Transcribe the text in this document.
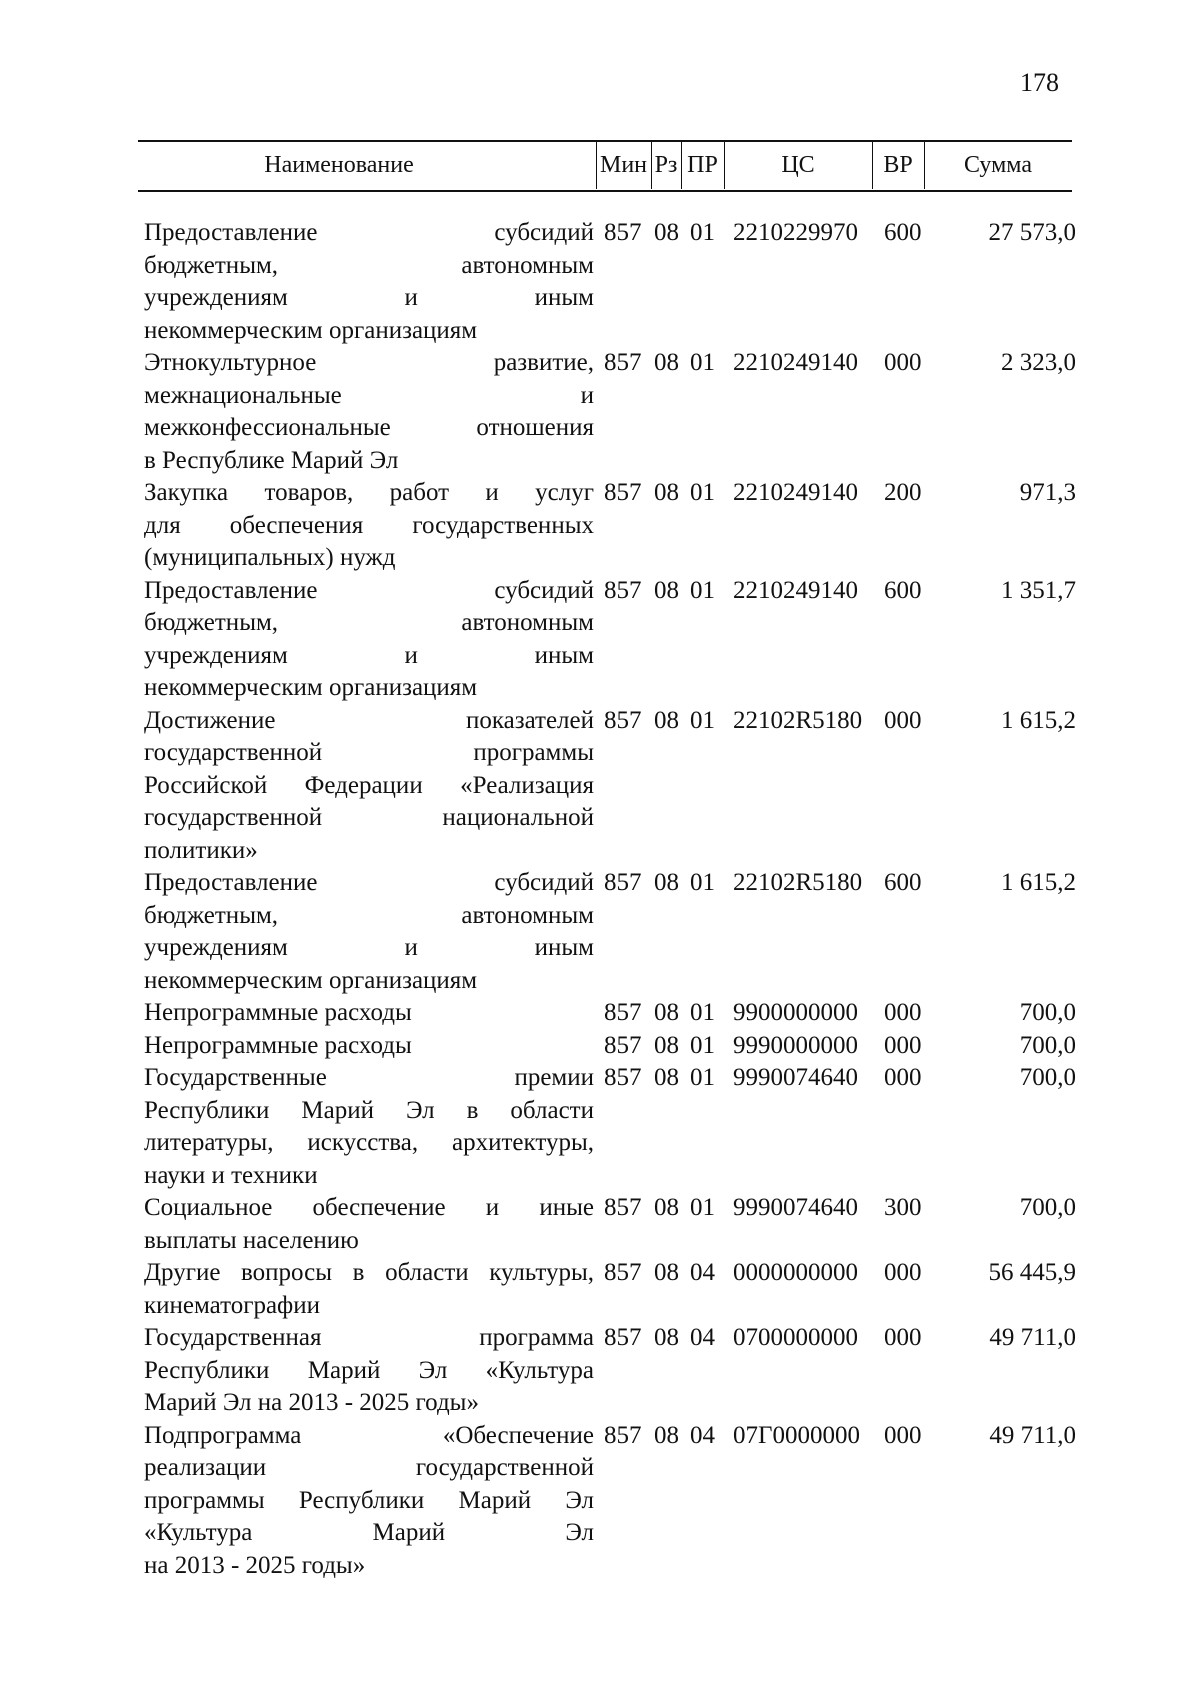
178
Наименование	Мин Рз ПР	ЦС	ВР	Сумма
Предоставление субсидий
бюджетным, автономным
учреждениям и иным
некоммерческим организациям
857 08 01 2210229970 600	27 573,0
Этнокультурное развитие,
межнациональные и
межконфессиональные отношения
в Республике Марий Эл
857 08 01 2210249140 000	2 323,0
Закупка товаров, работ и услуг
для обеспечения государственных
(муниципальных) нужд
857 08 01 2210249140 200	971,3
Предоставление субсидий
бюджетным, автономным
учреждениям и иным
некоммерческим организациям
857 08 01 2210249140 600	1 351,7
Достижение показателей
государственной программы
Российской Федерации «Реализация
государственной национальной
политики»
857 08 01 22102R5180 000	1 615,2
Предоставление субсидий
бюджетным, автономным
учреждениям и иным
некоммерческим организациям
857 08 01 22102R5180 600	1 615,2
Непрограммные расходы	857 08 01 9900000000 000	700,0
Непрограммные расходы	857 08 01 9990000000 000	700,0
Государственные премии
Республики Марий Эл в области
литературы, искусства, архитектуры,
науки и техники
857 08 01 9990074640 000	700,0
Социальное обеспечение и иные
выплаты населению
857 08 01 9990074640 300	700,0
Другие вопросы в области культуры,
кинематографии
857 08 04 0000000000 000	56 445,9
Государственная программа
Республики Марий Эл «Культура
Марий Эл на 2013 - 2025 годы»
857 08 04 0700000000 000	49 711,0
Подпрограмма «Обеспечение
реализации государственной
программы Республики Марий Эл
«Культура Марий Эл
на 2013 - 2025 годы»
857 08 04 07Г0000000 000	49 711,0
